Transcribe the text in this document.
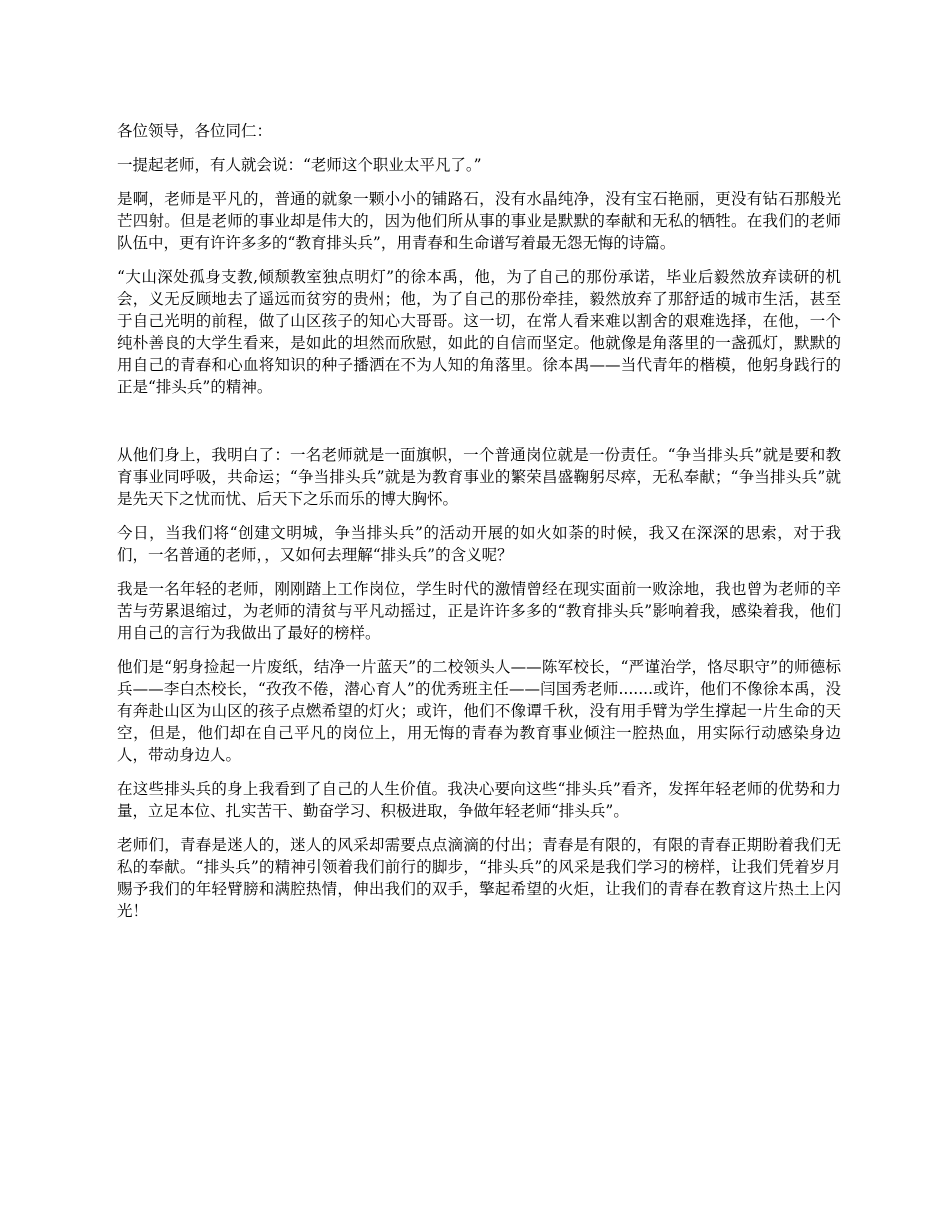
各位领导，各位同仁：

一提起老师，有人就会说：“老师这个职业太平凡了。”

是啊，老师是平凡的，普通的就象一颗小小的铺路石，没有水晶纯净，没有宝石艳丽，更没有钻石那般光芒四射。但是老师的事业却是伟大的，因为他们所从事的事业是默默的奉献和无私的牺牲。在我们的老师队伍中，更有许许多多的“教育排头兵”，用青春和生命谱写着最无怨无悔的诗篇。

“大山深处孤身支教,倾颓教室独点明灯”的徐本禹，他，为了自己的那份承诺，毕业后毅然放弃读研的机会，义无反顾地去了遥远而贫穷的贵州；他，为了自己的那份牵挂，毅然放弃了那舒适的城市生活，甚至于自己光明的前程，做了山区孩子的知心大哥哥。这一切，在常人看来难以割舍的艰难选择，在他，一个纯朴善良的大学生看来，是如此的坦然而欣慰，如此的自信而坚定。他就像是角落里的一盏孤灯，默默的用自己的青春和心血将知识的种子播洒在不为人知的角落里。徐本禺——当代青年的楷模，他躬身践行的正是“排头兵”的精神。

从他们身上，我明白了：一名老师就是一面旗帜，一个普通岗位就是一份责任。“争当排头兵”就是要和教育事业同呼吸，共命运；“争当排头兵”就是为教育事业的繁荣昌盛鞠躬尽瘁，无私奉献；“争当排头兵”就是先天下之忧而忧、后天下之乐而乐的博大胸怀。

今日，当我们将“创建文明城，争当排头兵”的活动开展的如火如荼的时候，我又在深深的思索，对于我们，一名普通的老师，，又如何去理解“排头兵”的含义呢？

我是一名年轻的老师，刚刚踏上工作岗位，学生时代的激情曾经在现实面前一败涂地，我也曾为老师的辛苦与劳累退缩过，为老师的清贫与平凡动摇过，正是许许多多的“教育排头兵”影响着我，感染着我，他们用自己的言行为我做出了最好的榜样。

他们是“躬身捡起一片废纸，结净一片蓝天”的二校领头人——陈军校长，“严谨治学，恪尽职守”的师德标兵——李白杰校长，“孜孜不倦，潜心育人”的优秀班主任——闫国秀老师.......或许，他们不像徐本禹，没有奔赴山区为山区的孩子点燃希望的灯火；或许，他们不像谭千秋，没有用手臂为学生撑起一片生命的天空，但是，他们却在自己平凡的岗位上，用无悔的青春为教育事业倾注一腔热血，用实际行动感染身边人，带动身边人。

在这些排头兵的身上我看到了自己的人生价值。我决心要向这些“排头兵”看齐，发挥年轻老师的优势和力量，立足本位、扎实苦干、勤奋学习、积极进取，争做年轻老师“排头兵”。

老师们，青春是迷人的，迷人的风采却需要点点滴滴的付出；青春是有限的，有限的青春正期盼着我们无私的奉献。“排头兵”的精神引领着我们前行的脚步，“排头兵”的风采是我们学习的榜样，让我们凭着岁月赐予我们的年轻臂膀和满腔热情，伸出我们的双手，擎起希望的火炬，让我们的青春在教育这片热土上闪光！
